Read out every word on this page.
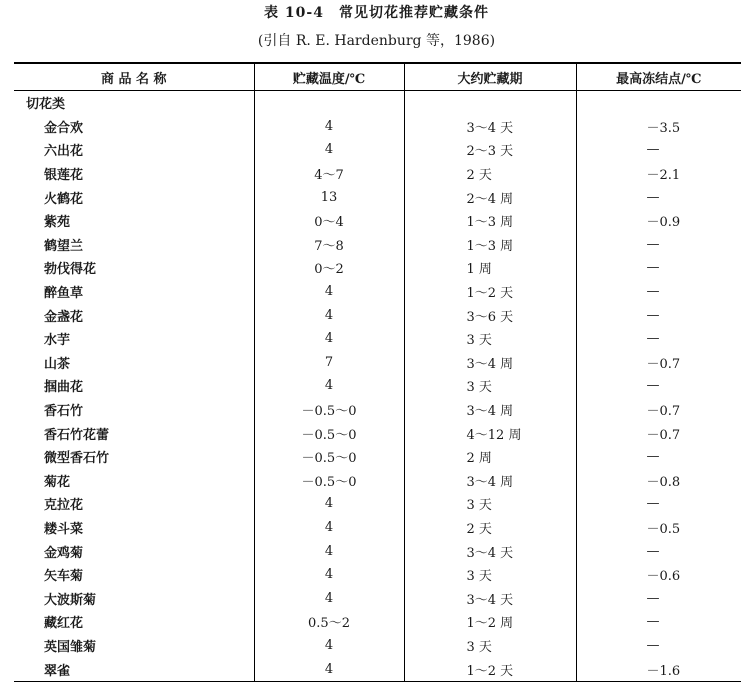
表 10-4　常见切花推荐贮藏条件
(引自 R. E. Hardenburg 等，1986)
商 品 名 称	贮藏温度/℃	大约贮藏期	最高冻结点/℃
切花类			
金合欢	4	3～4 天	－3.5
六出花	4	2～3 天	—
银莲花	4～7	2 天	－2.1
火鹤花	13	2～4 周	—
紫苑	0～4	1～3 周	－0.9
鹤望兰	7～8	1～3 周	—
勃伐得花	0～2	1 周	—
醉鱼草	4	1～2 天	—
金盏花	4	3～6 天	—
水芋	4	3 天	—
山茶	7	3～4 周	－0.7
掴曲花	4	3 天	—
香石竹	－0.5～0	3～4 周	－0.7
香石竹花蕾	－0.5～0	4～12 周	－0.7
微型香石竹	－0.5～0	2 周	—
菊花	－0.5～0	3～4 周	－0.8
克拉花	4	3 天	—
耧斗菜	4	2 天	－0.5
金鸡菊	4	3～4 天	—
矢车菊	4	3 天	－0.6
大波斯菊	4	3～4 天	—
藏红花	0.5～2	1～2 周	—
英国雏菊	4	3 天	—
翠雀	4	1～2 天	－1.6
